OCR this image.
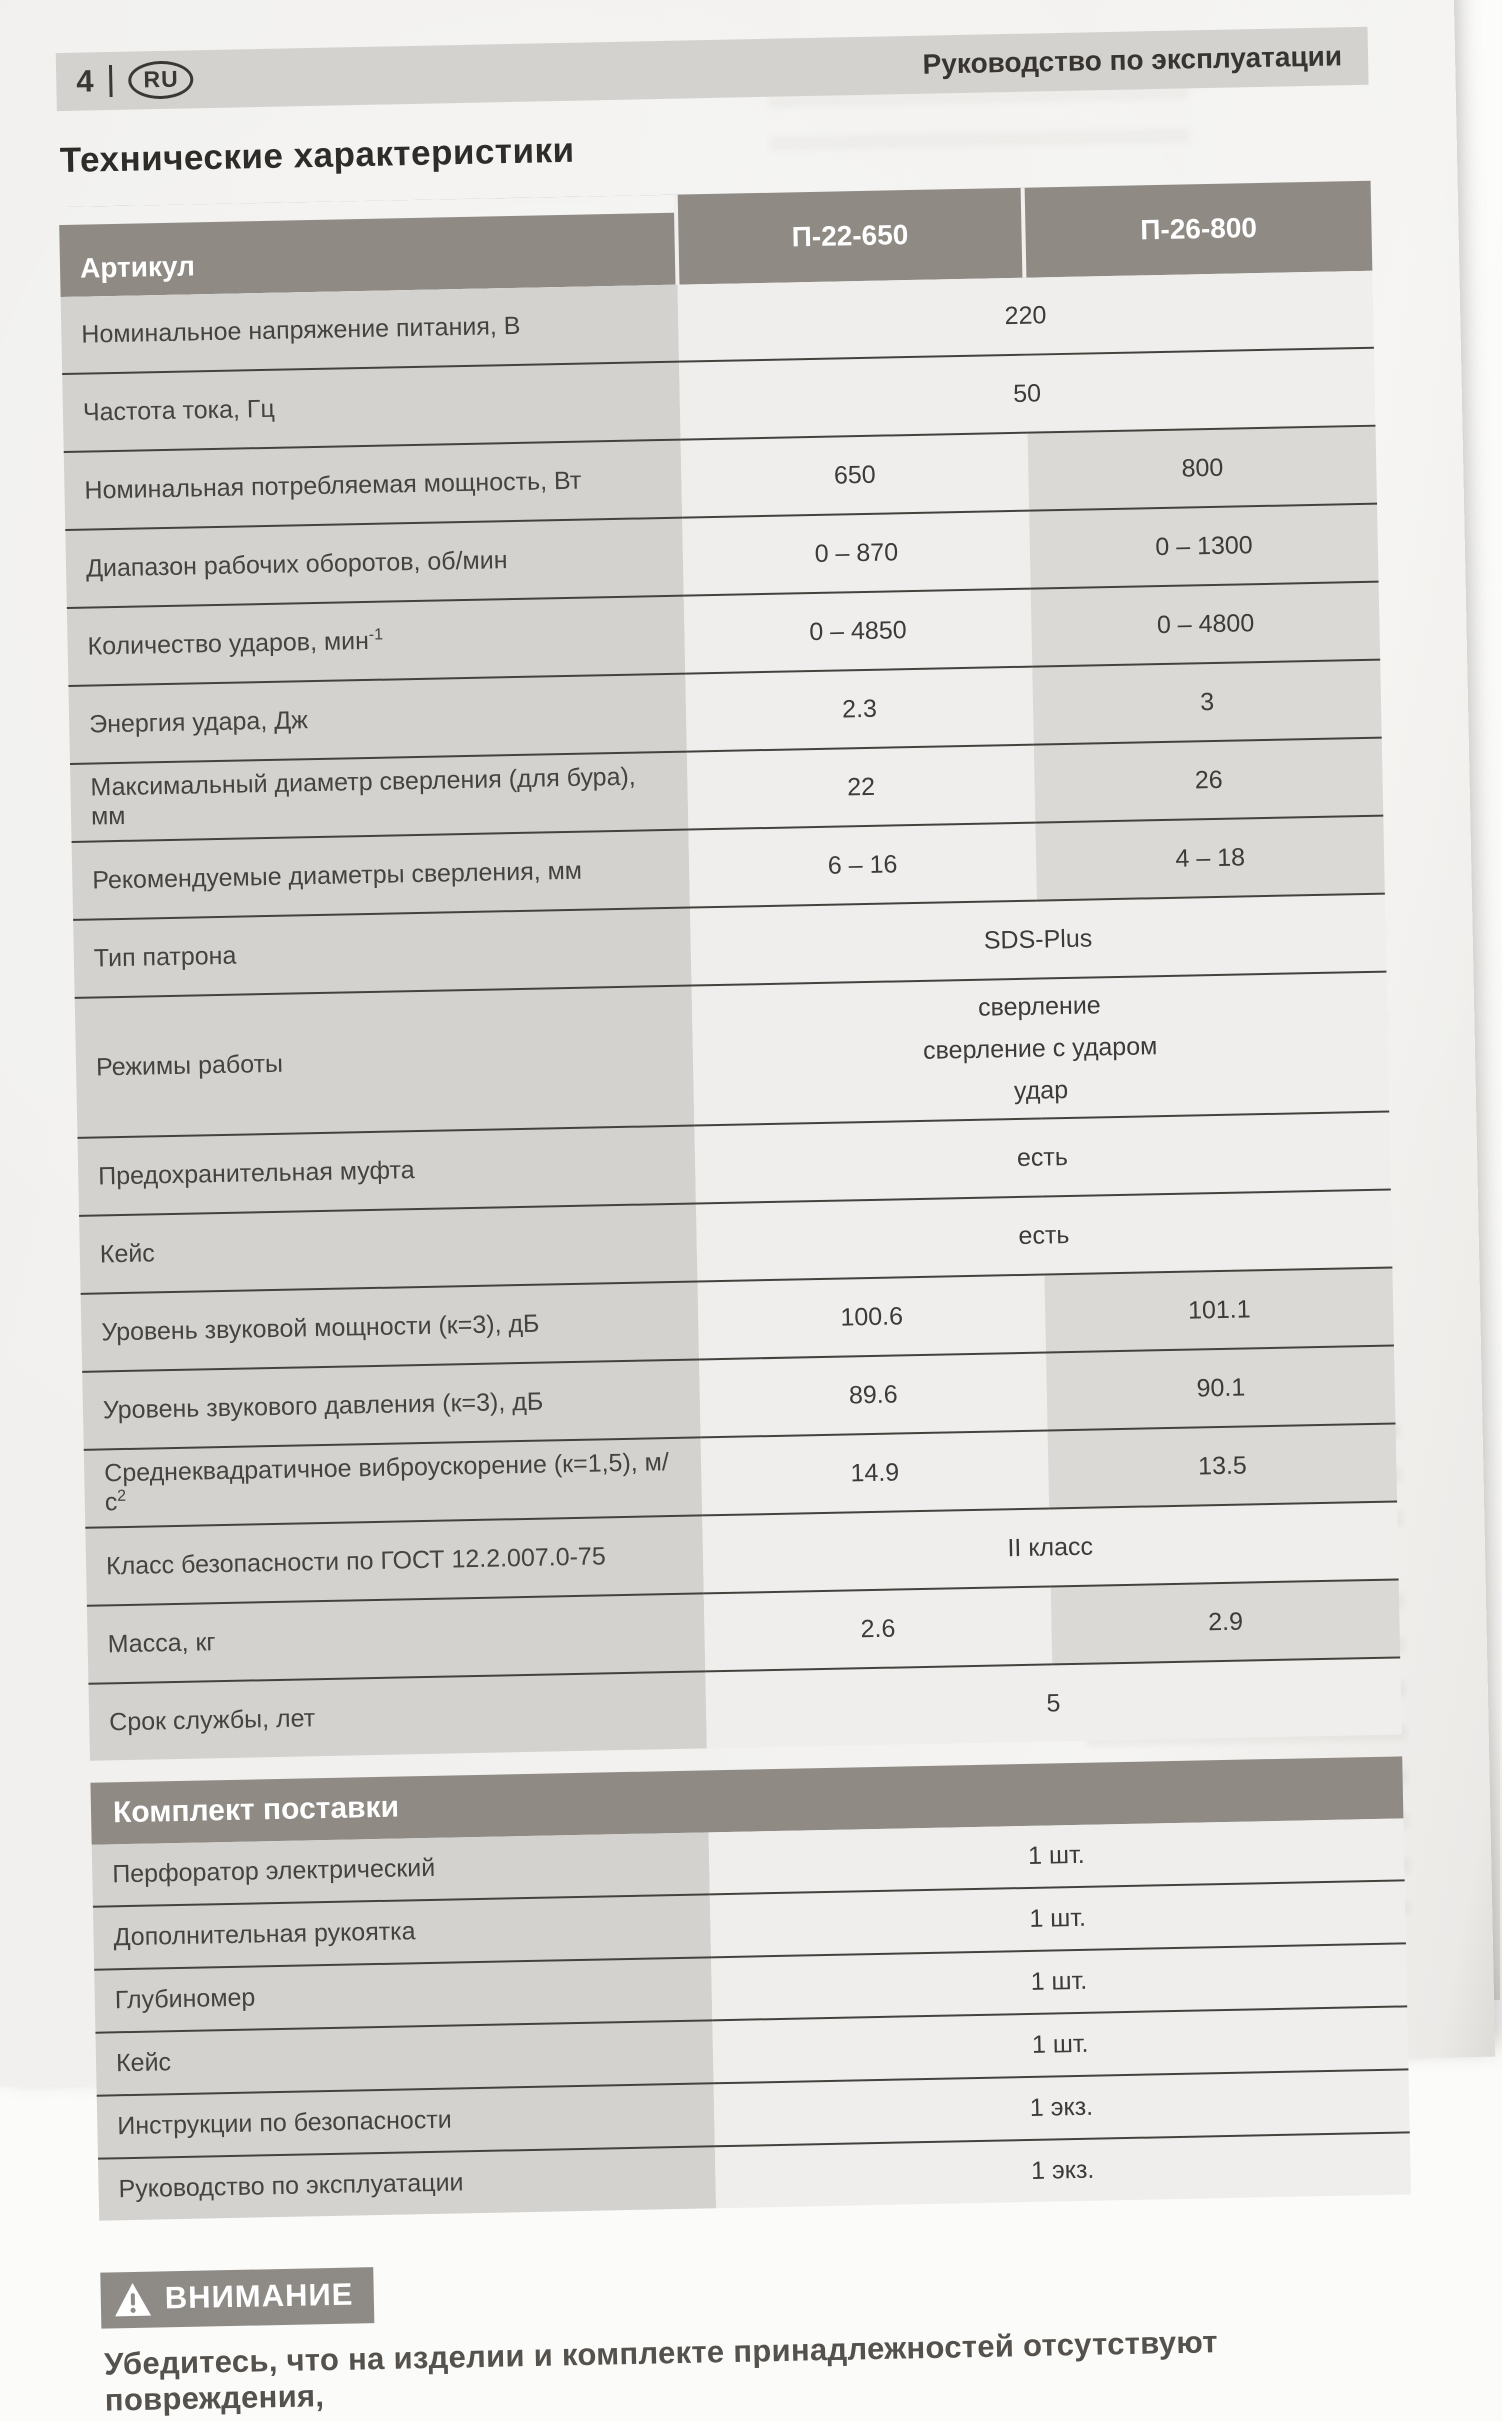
4	RU	Руководство по эксплуатации
Технические характеристики
Артикул	П-22-650	П-26-800
Номинальное напряжение питания, В	220	
Частота тока, Гц	50	
Номинальная потребляемая мощность, Вт	650	800
Диапазон рабочих оборотов, об/мин	0 – 870	0 – 1300
Количество ударов, мин$^{-1}$	0 – 4850	0 – 4800
Энергия удара, Дж	2.3	3
Максимальный диаметр сверления (для бура), мм	22	26
Рекомендуемые диаметры сверления, мм	6 – 16	4 – 18
Тип патрона	SDS-Plus	
Режимы работы	сверление
сверление с ударом
удар	

Предохранительная муфта	есть	
Кейс	есть	
Уровень звуковой мощности (к=3), дБ	100.6	101.1
Уровень звукового давления (к=3), дБ	89.6	90.1
Среднеквадратичное виброускорение (к=1,5), $м/с^2$	14.9	13.5
Класс безопасности по ГОСТ 12.2.007.0-75	II класс	
Масса, кг	2.6	2.9
Срок службы, лет	5	
Комплект поставки	
Перфоратор электрический	1 шт.
Дополнительная рукоятка	1 шт.
Глубиномер	1 шт.
Кейс	1 шт.
Инструкции по безопасности	1 экз.
Руководство по эксплуатации	1 экз.
ВНИМАНИЕ

Убедитесь, что на изделии и комплекте принадлежностей отсутствуют повреждения,
